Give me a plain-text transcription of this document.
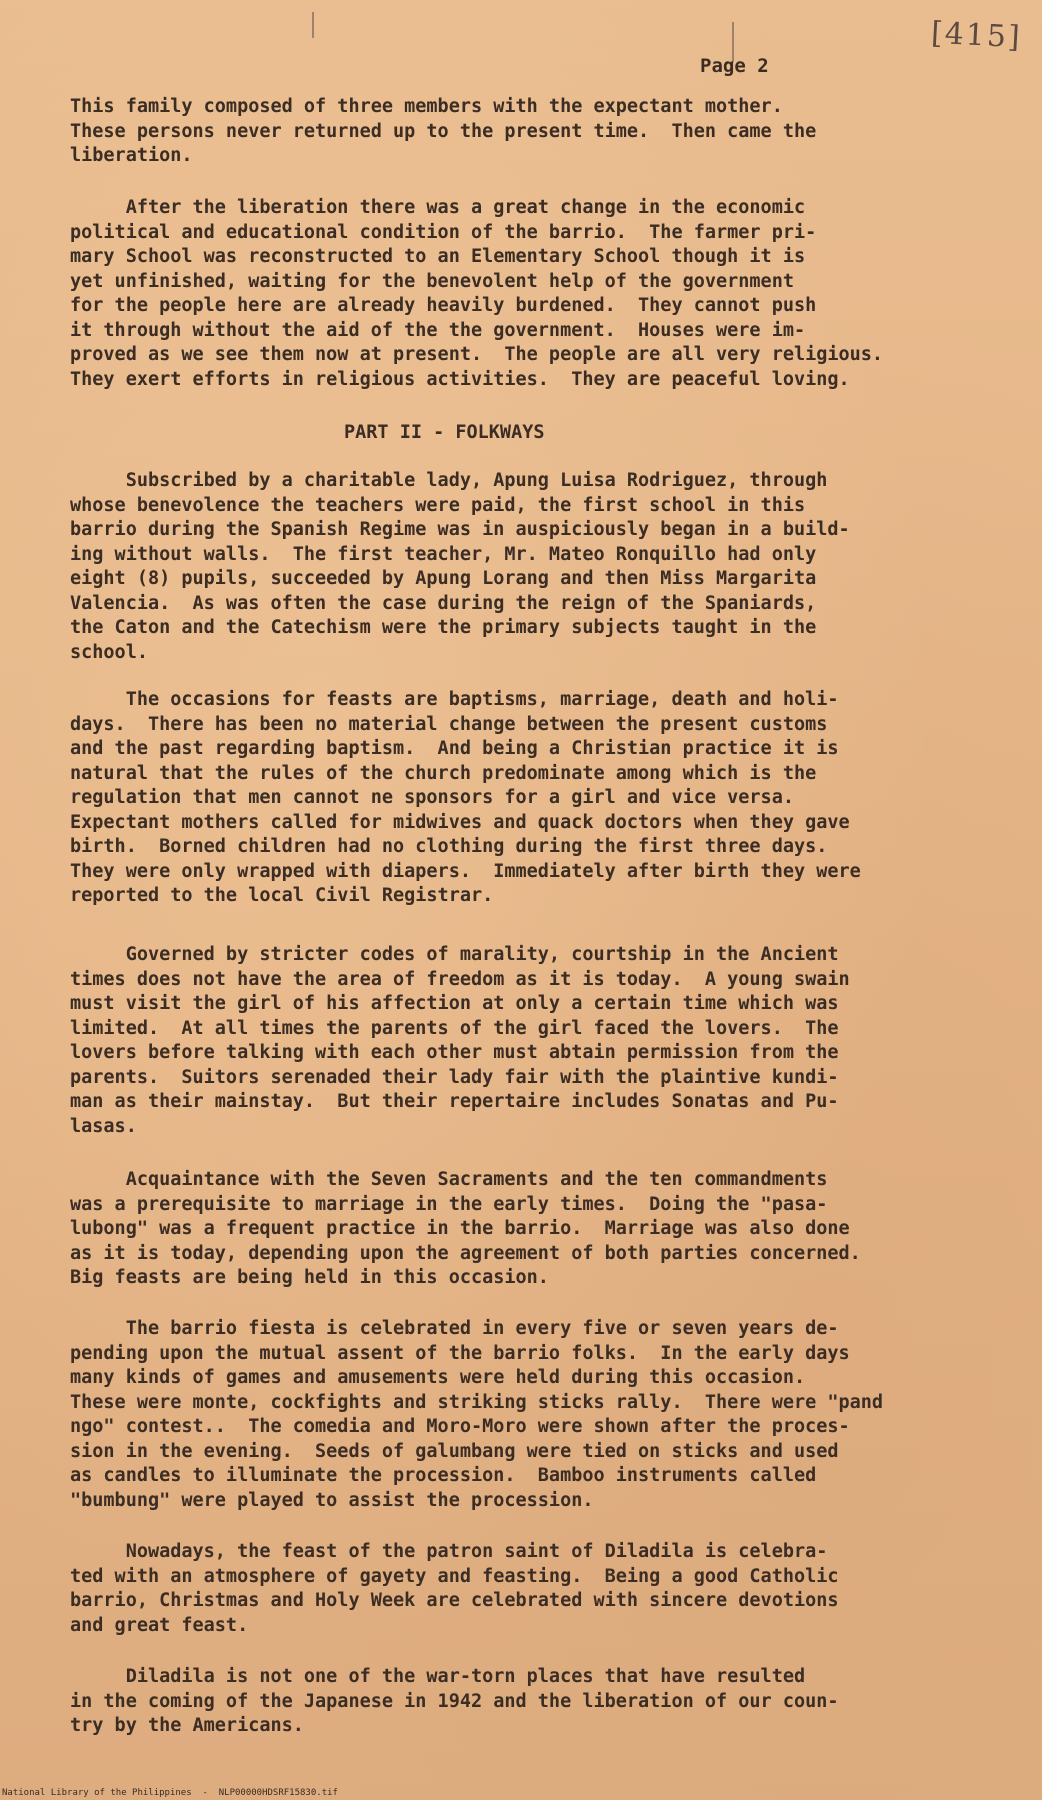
[415]
Page 2
This family composed of three members with the expectant mother.
These persons never returned up to the present time.  Then came the
liberation.
After the liberation there was a great change in the economic
political and educational condition of the barrio.  The farmer pri-
mary School was reconstructed to an Elementary School though it is
yet unfinished, waiting for the benevolent help of the government
for the people here are already heavily burdened.  They cannot push
it through without the aid of the the government.  Houses were im-
proved as we see them now at present.  The people are all very religious.
They exert efforts in religious activities.  They are peaceful loving.
PART II - FOLKWAYS
Subscribed by a charitable lady, Apung Luisa Rodriguez, through
whose benevolence the teachers were paid, the first school in this
barrio during the Spanish Regime was in auspiciously began in a build-
ing without walls.  The first teacher, Mr. Mateo Ronquillo had only
eight (8) pupils, succeeded by Apung Lorang and then Miss Margarita
Valencia.  As was often the case during the reign of the Spaniards,
the Caton and the Catechism were the primary subjects taught in the
school.
The occasions for feasts are baptisms, marriage, death and holi-
days.  There has been no material change between the present customs
and the past regarding baptism.  And being a Christian practice it is
natural that the rules of the church predominate among which is the
regulation that men cannot ne sponsors for a girl and vice versa.
Expectant mothers called for midwives and quack doctors when they gave
birth.  Borned children had no clothing during the first three days.
They were only wrapped with diapers.  Immediately after birth they were
reported to the local Civil Registrar.
Governed by stricter codes of marality, courtship in the Ancient
times does not have the area of freedom as it is today.  A young swain
must visit the girl of his affection at only a certain time which was
limited.  At all times the parents of the girl faced the lovers.  The
lovers before talking with each other must abtain permission from the
parents.  Suitors serenaded their lady fair with the plaintive kundi-
man as their mainstay.  But their repertaire includes Sonatas and Pu-
lasas.
Acquaintance with the Seven Sacraments and the ten commandments
was a prerequisite to marriage in the early times.  Doing the "pasa-
lubong" was a frequent practice in the barrio.  Marriage was also done
as it is today, depending upon the agreement of both parties concerned.
Big feasts are being held in this occasion.
The barrio fiesta is celebrated in every five or seven years de-
pending upon the mutual assent of the barrio folks.  In the early days
many kinds of games and amusements were held during this occasion.
These were monte, cockfights and striking sticks rally.  There were "pand
ngo" contest..  The comedia and Moro-Moro were shown after the proces-
sion in the evening.  Seeds of galumbang were tied on sticks and used
as candles to illuminate the procession.  Bamboo instruments called
"bumbung" were played to assist the procession.
Nowadays, the feast of the patron saint of Diladila is celebra-
ted with an atmosphere of gayety and feasting.  Being a good Catholic
barrio, Christmas and Holy Week are celebrated with sincere devotions
and great feast.
Diladila is not one of the war-torn places that have resulted
in the coming of the Japanese in 1942 and the liberation of our coun-
try by the Americans.
National Library of the Philippines  -  NLP00000HDSRF15830.tif
